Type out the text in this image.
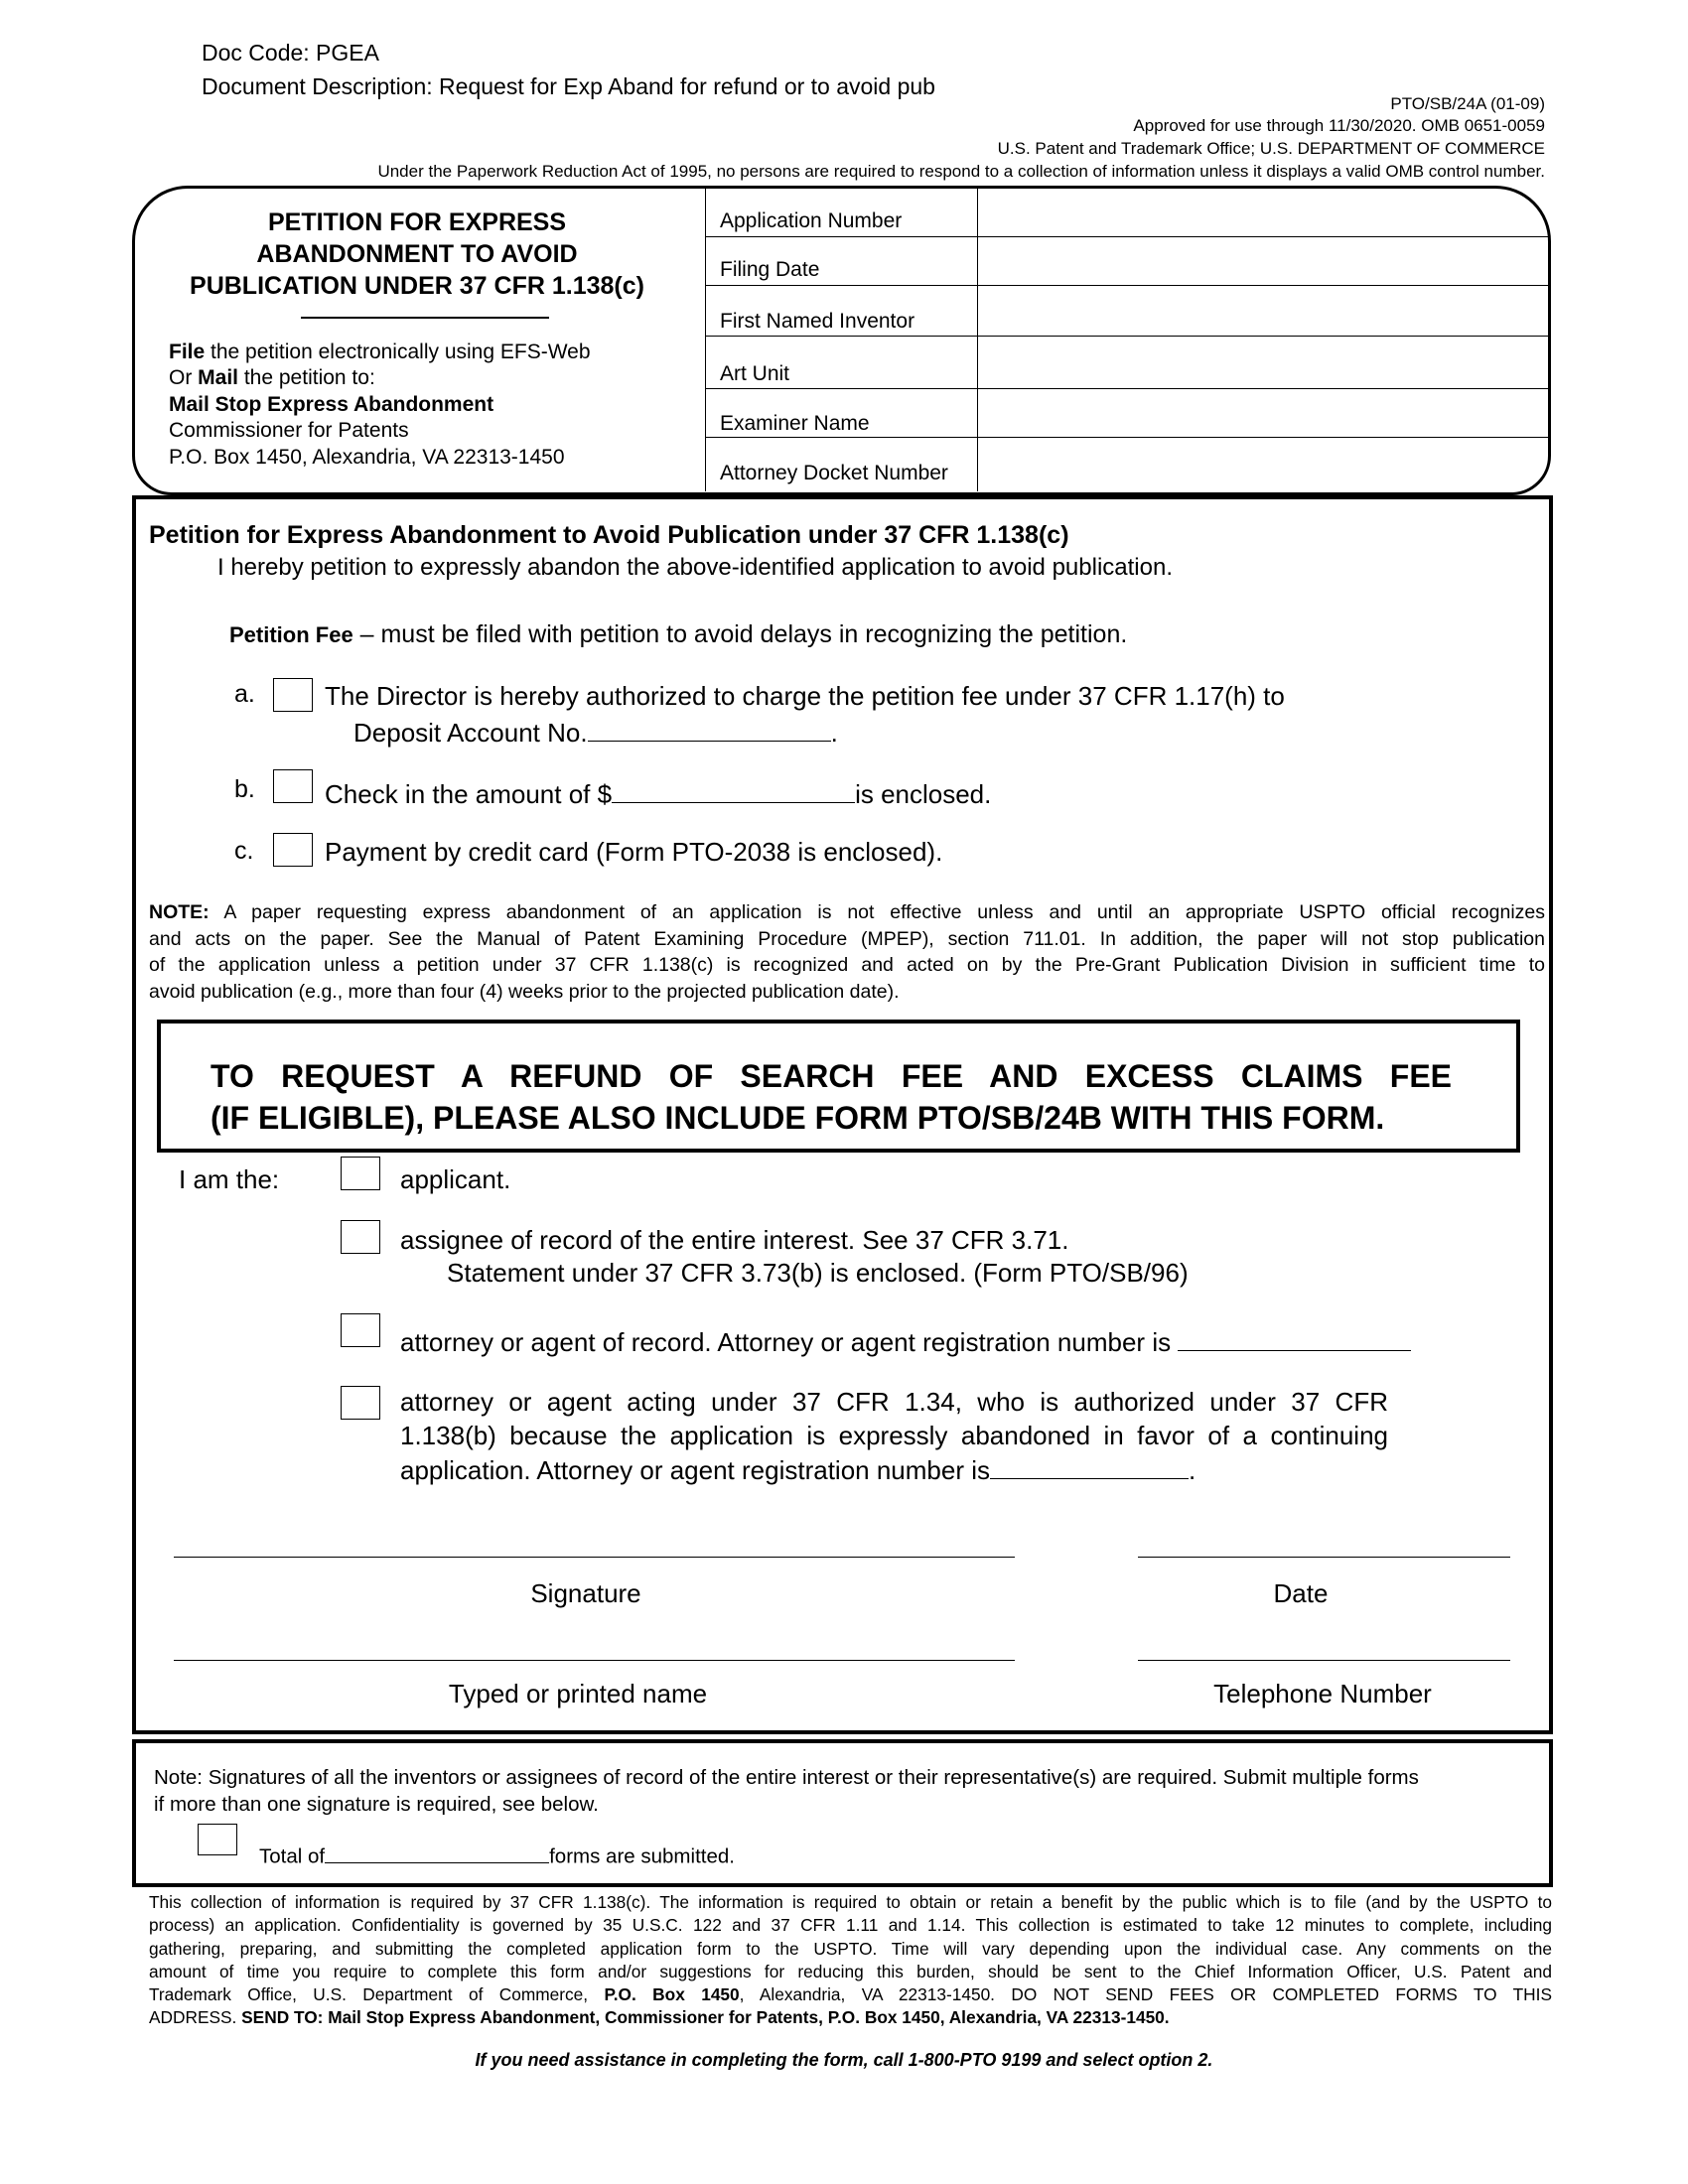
Doc Code: PGEA
Document Description: Request for Exp Aband for refund or to avoid pub
PTO/SB/24A (01-09)
Approved for use through 11/30/2020. OMB 0651-0059
U.S. Patent and Trademark Office; U.S. DEPARTMENT OF COMMERCE
Under the Paperwork Reduction Act of 1995, no persons are required to respond to a collection of information unless it displays a valid OMB control number.
PETITION FOR EXPRESS
ABANDONMENT TO AVOID
PUBLICATION UNDER 37 CFR 1.138(c)
File the petition electronically using EFS-Web
Or Mail the petition to:
Mail Stop Express Abandonment
Commissioner for Patents
P.O. Box 1450, Alexandria, VA 22313-1450
Application Number
Filing Date
First Named Inventor
Art Unit
Examiner Name
Attorney Docket Number
Petition for Express Abandonment to Avoid Publication under 37 CFR 1.138(c)
I hereby petition to expressly abandon the above-identified application to avoid publication.
Petition Fee – must be filed with petition to avoid delays in recognizing the petition.
a.	The Director is hereby authorized to charge the petition fee under 37 CFR 1.17(h) to
Deposit Account No.	.
b.	Check in the amount of $	is enclosed.
c.	Payment by credit card (Form PTO-2038 is enclosed).
NOTE: A paper requesting express abandonment of an application is not effective unless and until an appropriate USPTO official recognizes
and acts on the paper. See the Manual of Patent Examining Procedure (MPEP), section 711.01. In addition, the paper will not stop publication
of the application unless a petition under 37 CFR 1.138(c) is recognized and acted on by the Pre-Grant Publication Division in sufficient time to
avoid publication (e.g., more than four (4) weeks prior to the projected publication date).
TO REQUEST A REFUND OF SEARCH FEE AND EXCESS CLAIMS FEE
(IF ELIGIBLE), PLEASE ALSO INCLUDE FORM PTO/SB/24B WITH THIS FORM.
I am the:	applicant.
assignee of record of the entire interest. See 37 CFR 3.71.
Statement under 37 CFR 3.73(b) is enclosed. (Form PTO/SB/96)
attorney or agent of record. Attorney or agent registration number is
attorney or agent acting under 37 CFR 1.34, who is authorized under 37 CFR
1.138(b) because the application is expressly abandoned in favor of a continuing
application. Attorney or agent registration number is	.
Signature	Date
Typed or printed name	Telephone Number
Note: Signatures of all the inventors or assignees of record of the entire interest or their representative(s) are required. Submit multiple forms
if more than one signature is required, see below.
Total of	forms are submitted.
This collection of information is required by 37 CFR 1.138(c). The information is required to obtain or retain a benefit by the public which is to file (and by the USPTO to
process) an application. Confidentiality is governed by 35 U.S.C. 122 and 37 CFR 1.11 and 1.14. This collection is estimated to take 12 minutes to complete, including
gathering, preparing, and submitting the completed application form to the USPTO. Time will vary depending upon the individual case. Any comments on the
amount of time you require to complete this form and/or suggestions for reducing this burden, should be sent to the Chief Information Officer, U.S. Patent and
Trademark Office, U.S. Department of Commerce, P.O. Box 1450, Alexandria, VA 22313-1450. DO NOT SEND FEES OR COMPLETED FORMS TO THIS
ADDRESS. SEND TO: Mail Stop Express Abandonment, Commissioner for Patents, P.O. Box 1450, Alexandria, VA 22313-1450.
If you need assistance in completing the form, call 1-800-PTO 9199 and select option 2.
